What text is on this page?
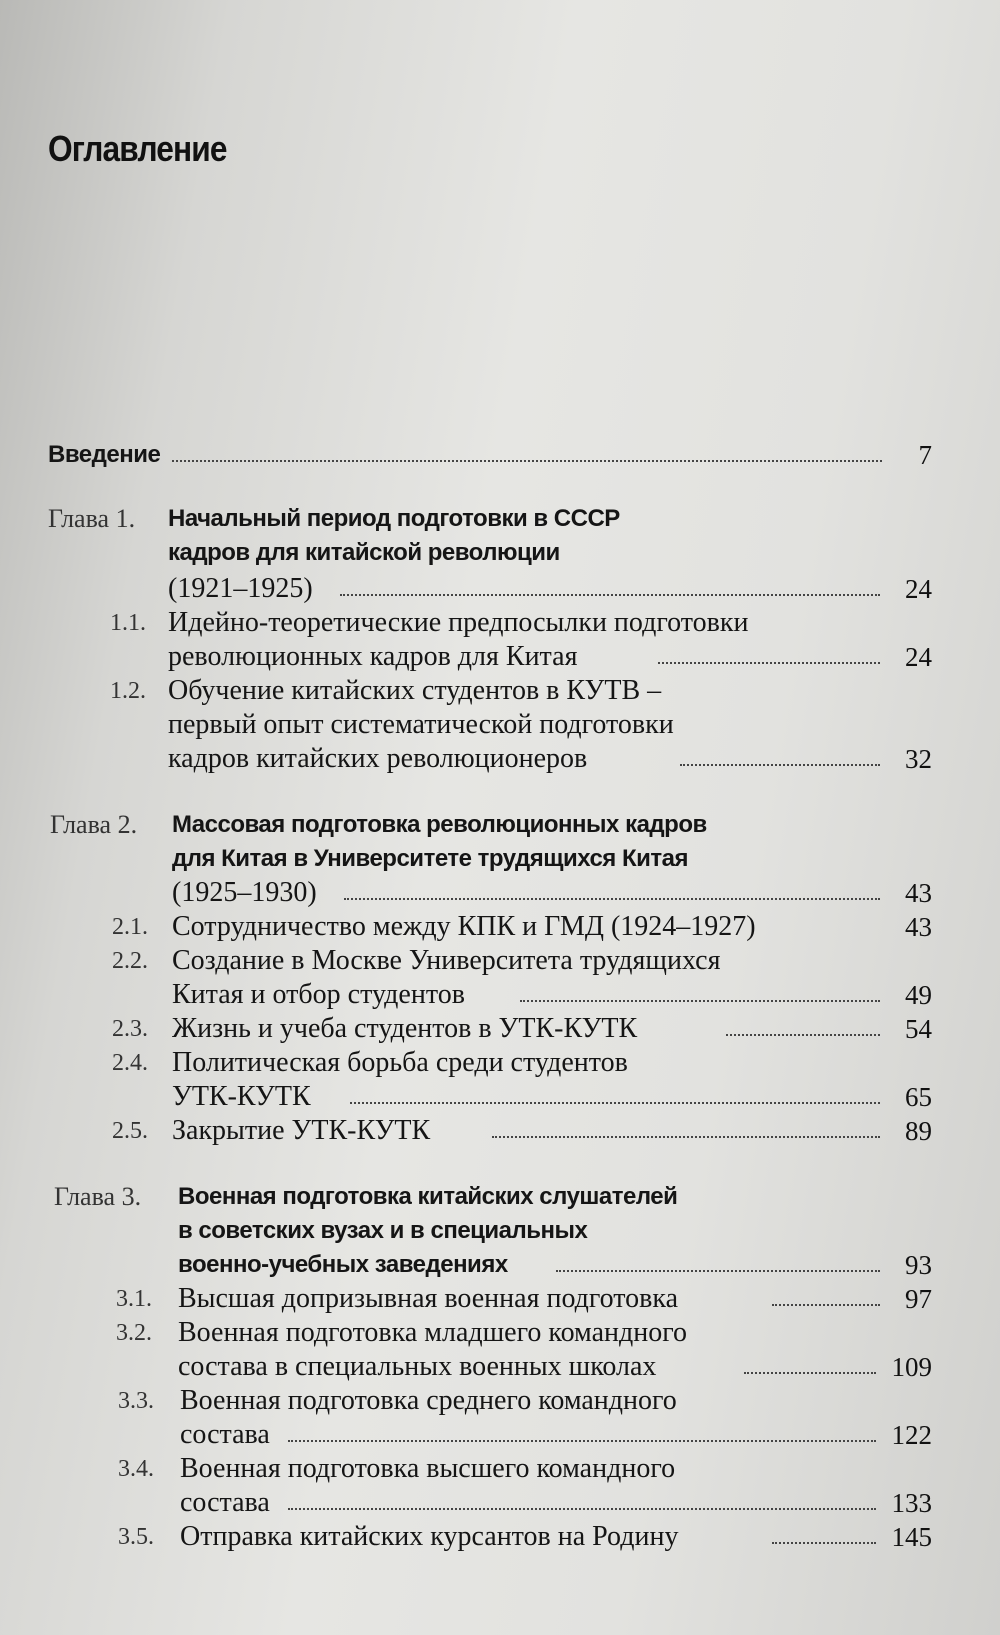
Оглавление
Введение	7
Глава 1. Начальный период подготовки в СССР
кадров для китайской революции
(1921–1925)	24
1.1. Идейно-теоретические предпосылки подготовки
революционных кадров для Китая	24
1.2. Обучение китайских студентов в КУТВ –
первый опыт систематической подготовки
кадров китайских революционеров	32
Глава 2. Массовая подготовка революционных кадров
для Китая в Университете трудящихся Китая
(1925–1930)	43
2.1. Сотрудничество между КПК и ГМД (1924–1927)	43
2.2. Создание в Москве Университета трудящихся
Китая и отбор студентов	49
2.3. Жизнь и учеба студентов в УТК-КУТК	54
2.4. Политическая борьба среди студентов
УТК-КУТК	65
2.5. Закрытие УТК-КУТК	89
Глава 3. Военная подготовка китайских слушателей
в советских вузах и в специальных
военно-учебных заведениях	93
3.1. Высшая допризывная военная подготовка	97
3.2. Военная подготовка младшего командного
состава в специальных военных школах	109
3.3. Военная подготовка среднего командного
состава	122
3.4. Военная подготовка высшего командного
состава	133
3.5. Отправка китайских курсантов на Родину	145
